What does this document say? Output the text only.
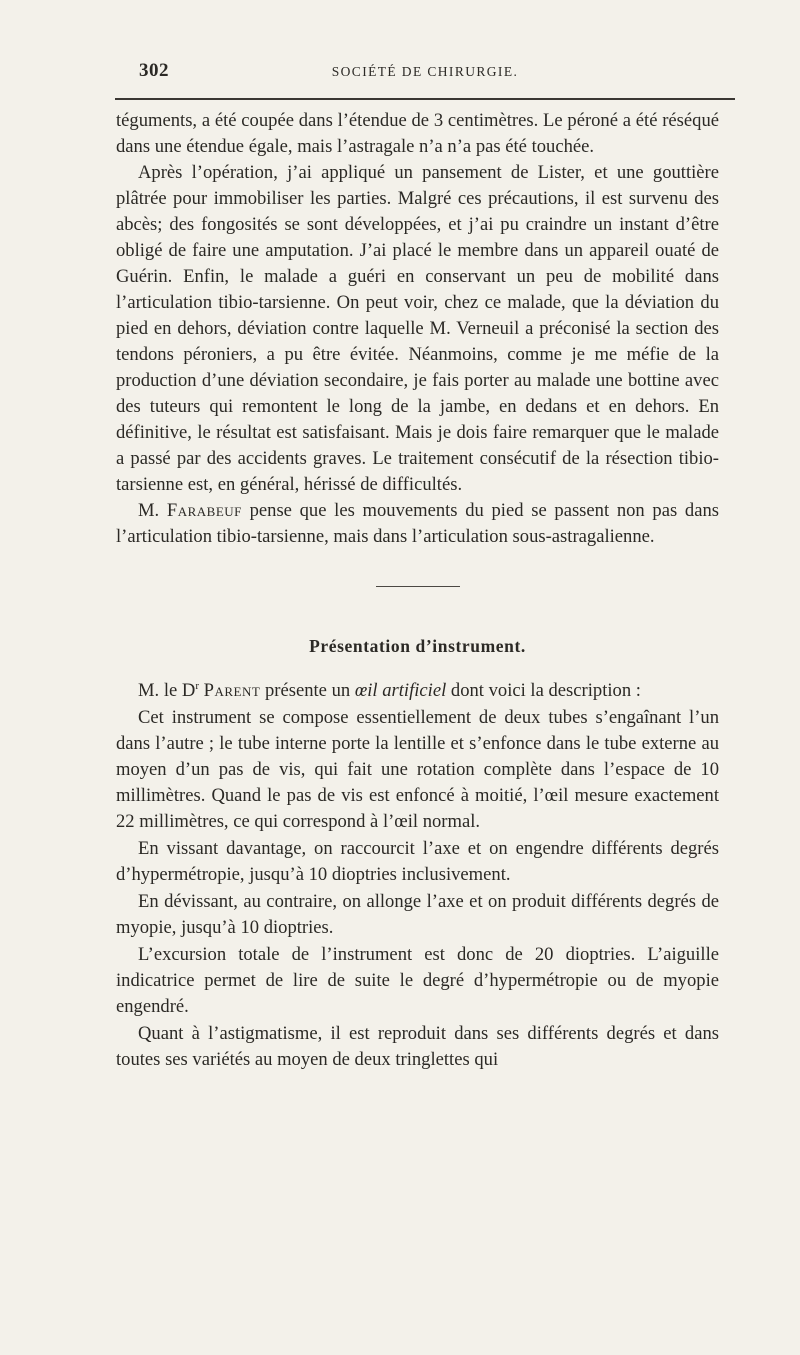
302	SOCIÉTÉ DE CHIRURGIE.

téguments, a été coupée dans l’étendue de 3 centimètres. Le péroné a été réséqué dans une étendue égale, mais l’astragale n’a n’a pas été touchée.

Après l’opération, j’ai appliqué un pansement de Lister, et une gouttière plâtrée pour immobiliser les parties. Malgré ces précautions, il est survenu des abcès; des fongosités se sont développées, et j’ai pu craindre un instant d’être obligé de faire une amputation. J’ai placé le membre dans un appareil ouaté de Guérin. Enfin, le malade a guéri en conservant un peu de mobilité dans l’articulation tibio-tarsienne. On peut voir, chez ce malade, que la déviation du pied en dehors, déviation contre laquelle M. Verneuil a préconisé la section des tendons péroniers, a pu être évitée. Néanmoins, comme je me méfie de la production d’une déviation secondaire, je fais porter au malade une bottine avec des tuteurs qui remontent le long de la jambe, en dedans et en dehors. En définitive, le résultat est satisfaisant. Mais je dois faire remarquer que le malade a passé par des accidents graves. Le traitement consécutif de la résection tibio-tarsienne est, en général, hérissé de difficultés.

M. Farabeuf pense que les mouvements du pied se passent non pas dans l’articulation tibio-tarsienne, mais dans l’articulation sous-astragalienne.

Présentation d’instrument.

M. le $D^r$ Parent présente un œil artificiel dont voici la description :

Cet instrument se compose essentiellement de deux tubes s’engaînant l’un dans l’autre ; le tube interne porte la lentille et s’enfonce dans le tube externe au moyen d’un pas de vis, qui fait une rotation complète dans l’espace de 10 millimètres. Quand le pas de vis est enfoncé à moitié, l’œil mesure exactement 22 millimètres, ce qui correspond à l’œil normal.

En vissant davantage, on raccourcit l’axe et on engendre différents degrés d’hypermétropie, jusqu’à 10 dioptries inclusivement.

En dévissant, au contraire, on allonge l’axe et on produit différents degrés de myopie, jusqu’à 10 dioptries.

L’excursion totale de l’instrument est donc de 20 dioptries. L’aiguille indicatrice permet de lire de suite le degré d’hypermétropie ou de myopie engendré.

Quant à l’astigmatisme, il est reproduit dans ses différents degrés et dans toutes ses variétés au moyen de deux tringlettes qui
